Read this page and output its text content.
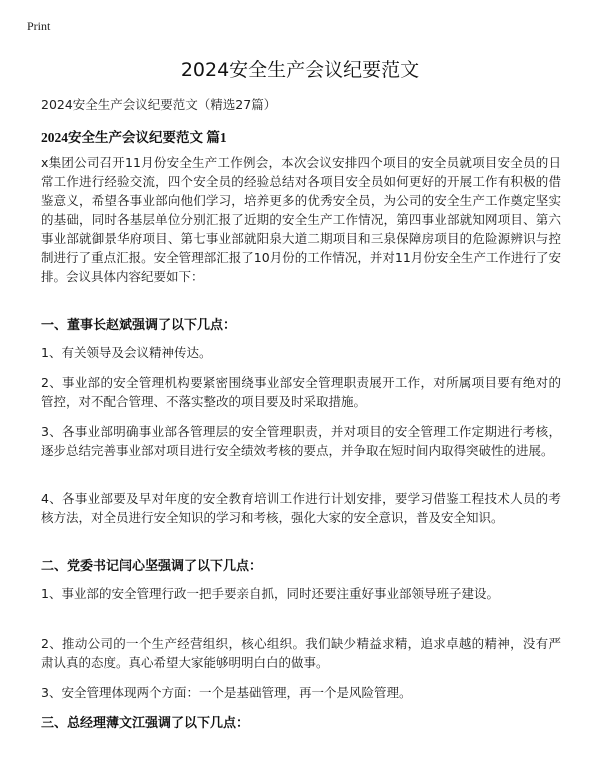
Print
2024安全生产会议纪要范文
2024安全生产会议纪要范文（精选27篇）
2024安全生产会议纪要范文 篇1
x集团公司召开11月份安全生产工作例会，本次会议安排四个项目的安全员就项目安全员的日常工作进行经验交流，四个安全员的经验总结对各项目安全员如何更好的开展工作有积极的借鉴意义，希望各事业部向他们学习，培养更多的优秀安全员，为公司的安全生产工作奠定坚实的基础，同时各基层单位分别汇报了近期的安全生产工作情况，第四事业部就知网项目、第六事业部就御景华府项目、第七事业部就阳泉大道二期项目和三泉保障房项目的危险源辨识与控制进行了重点汇报。安全管理部汇报了10月份的工作情况，并对11月份安全生产工作进行了安排。会议具体内容纪要如下：
一、董事长赵斌强调了以下几点：
1、有关领导及会议精神传达。
2、事业部的安全管理机构要紧密围绕事业部安全管理职责展开工作，对所属项目要有绝对的管控，对不配合管理、不落实整改的项目要及时采取措施。
3、各事业部明确事业部各管理层的安全管理职责，并对项目的安全管理工作定期进行考核，逐步总结完善事业部对项目进行安全绩效考核的要点，并争取在短时间内取得突破性的进展。
4、各事业部要及早对年度的安全教育培训工作进行计划安排，要学习借鉴工程技术人员的考核方法，对全员进行安全知识的学习和考核，强化大家的安全意识，普及安全知识。
二、党委书记闫心坚强调了以下几点：
1、事业部的安全管理行政一把手要亲自抓，同时还要注重好事业部领导班子建设。
2、推动公司的一个生产经营组织，核心组织。我们缺少精益求精，追求卓越的精神，没有严肃认真的态度。真心希望大家能够明明白白的做事。
3、安全管理体现两个方面：一个是基础管理，再一个是风险管理。
三、总经理薄文江强调了以下几点：
